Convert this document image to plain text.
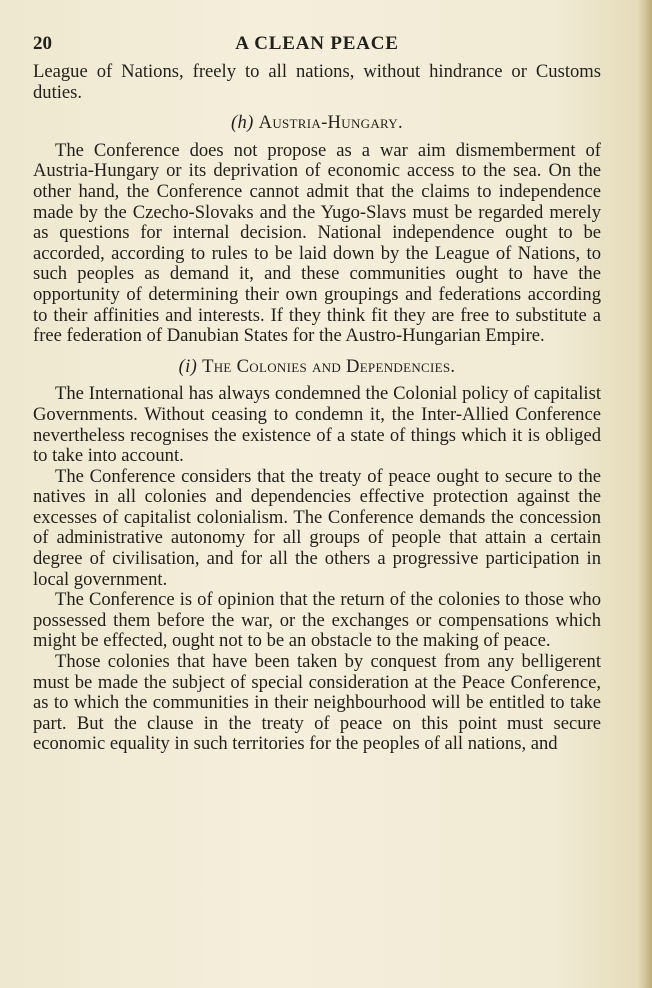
20	A CLEAN PEACE

League of Nations, freely to all nations, without hindrance or Customs duties.

(h) Austria-Hungary.

The Conference does not propose as a war aim dismemberment of Austria-Hungary or its deprivation of economic access to the sea. On the other hand, the Conference cannot admit that the claims to independence made by the Czecho-Slovaks and the Yugo-Slavs must be regarded merely as questions for internal decision. National independence ought to be accorded, according to rules to be laid down by the League of Nations, to such peoples as demand it, and these communities ought to have the opportunity of determining their own groupings and federations according to their affinities and interests. If they think fit they are free to substitute a free federation of Danubian States for the Austro-Hungarian Empire.

(i) The Colonies and Dependencies.

The International has always condemned the Colonial policy of capitalist Governments. Without ceasing to condemn it, the Inter-Allied Conference nevertheless recognises the existence of a state of things which it is obliged to take into account.

The Conference considers that the treaty of peace ought to secure to the natives in all colonies and dependencies effective protection against the excesses of capitalist colonialism. The Conference demands the concession of administrative autonomy for all groups of people that attain a certain degree of civilisation, and for all the others a progressive participation in local government.

The Conference is of opinion that the return of the colonies to those who possessed them before the war, or the exchanges or compensations which might be effected, ought not to be an obstacle to the making of peace.

Those colonies that have been taken by conquest from any belligerent must be made the subject of special consideration at the Peace Conference, as to which the communities in their neighbourhood will be entitled to take part. But the clause in the treaty of peace on this point must secure economic equality in such territories for the peoples of all nations, and
